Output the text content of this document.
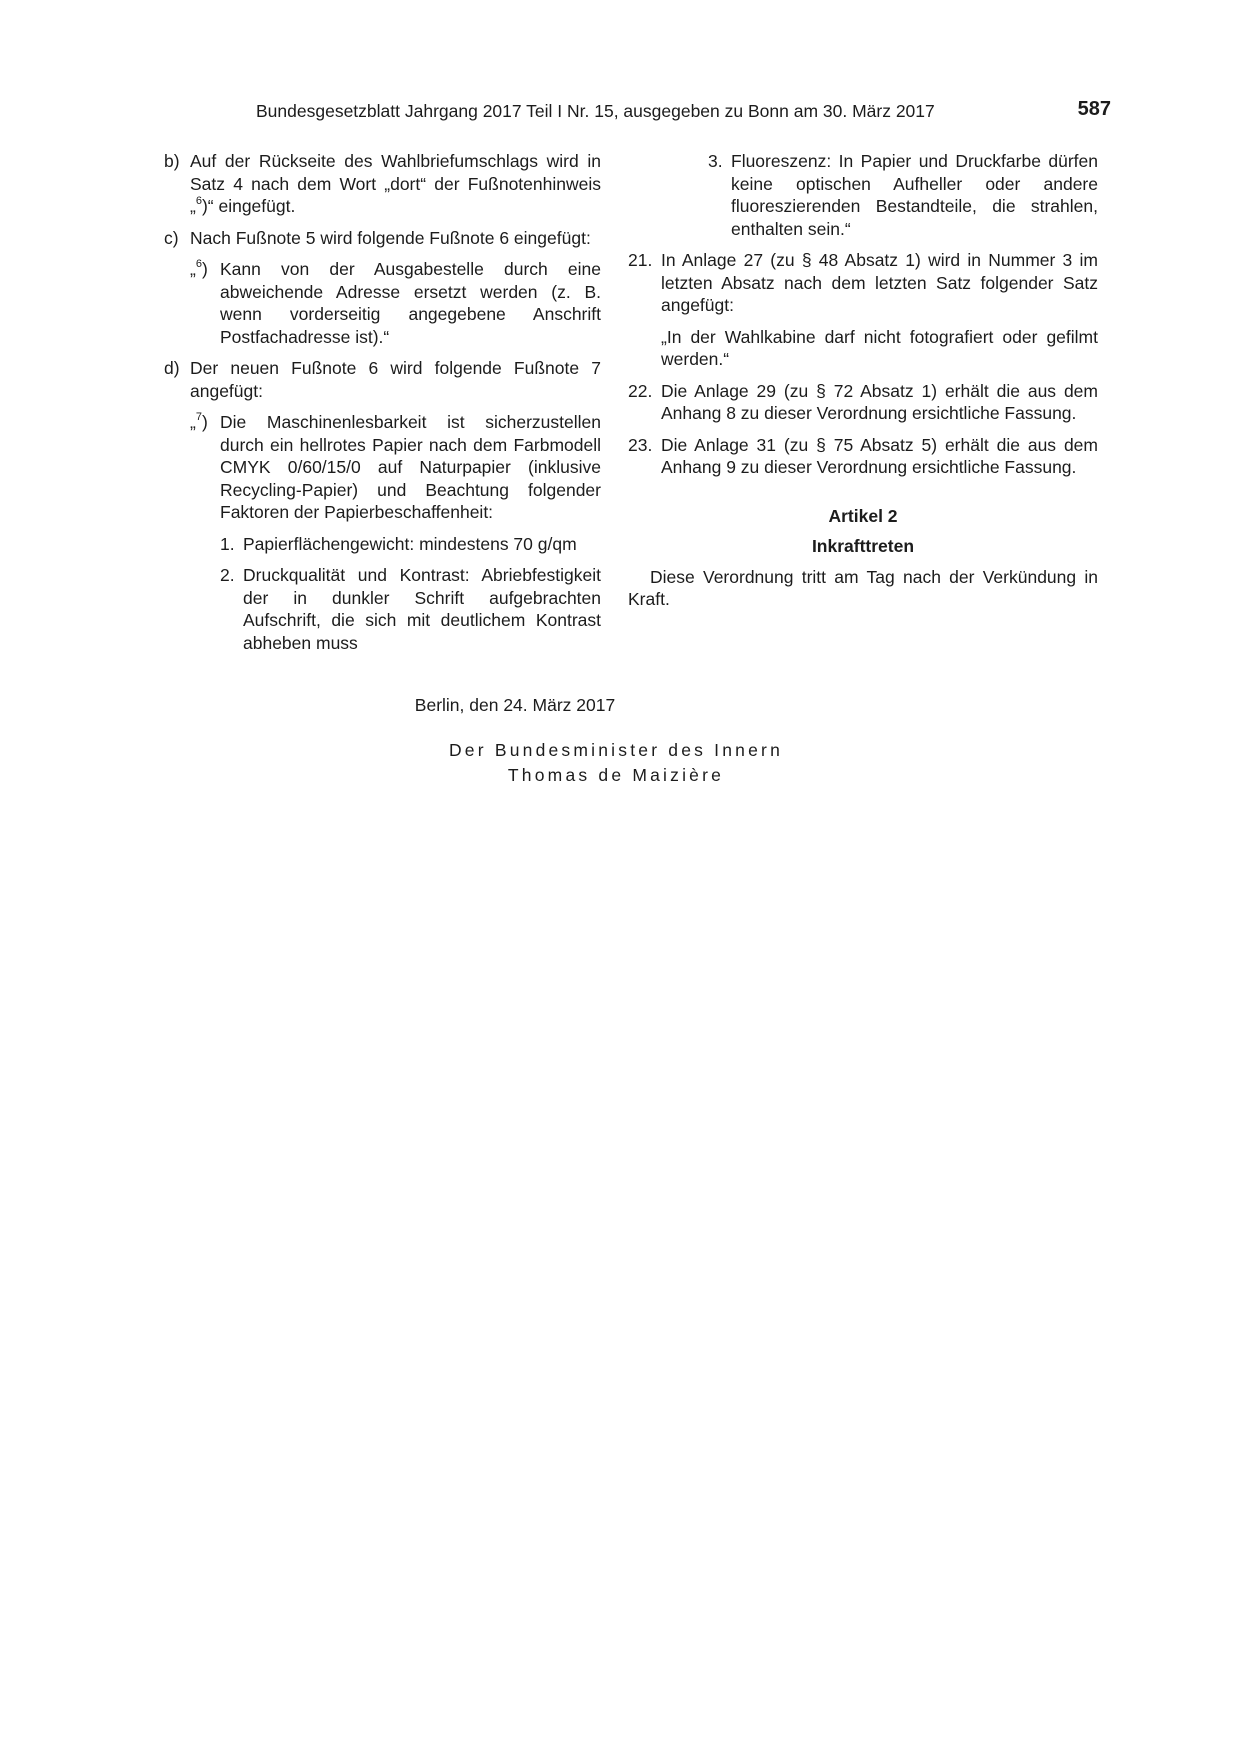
Bundesgesetzblatt Jahrgang 2017 Teil I Nr. 15, ausgegeben zu Bonn am 30. März 2017	587
b) Auf der Rückseite des Wahlbriefumschlags wird in Satz 4 nach dem Wort „dort“ der Fußnotenhinweis „$^6$)“ eingefügt.
c) Nach Fußnote 5 wird folgende Fußnote 6 eingefügt:
„$^6$) Kann von der Ausgabestelle durch eine abweichende Adresse ersetzt werden (z. B. wenn vorderseitig angegebene Anschrift Postfachadresse ist).“
d) Der neuen Fußnote 6 wird folgende Fußnote 7 angefügt:
„$^7$) Die Maschinenlesbarkeit ist sicherzustellen durch ein hellrotes Papier nach dem Farbmodell CMYK 0/60/15/0 auf Naturpapier (inklusive Recycling-Papier) und Beachtung folgender Faktoren der Papierbeschaffenheit:
1. Papierflächengewicht: mindestens 70 g/qm
2. Druckqualität und Kontrast: Abriebfestigkeit der in dunkler Schrift aufgebrachten Aufschrift, die sich mit deutlichem Kontrast abheben muss
3. Fluoreszenz: In Papier und Druckfarbe dürfen keine optischen Aufheller oder andere fluoreszierenden Bestandteile, die strahlen, enthalten sein.“
21. In Anlage 27 (zu § 48 Absatz 1) wird in Nummer 3 im letzten Absatz nach dem letzten Satz folgender Satz angefügt:
„In der Wahlkabine darf nicht fotografiert oder gefilmt werden.“
22. Die Anlage 29 (zu § 72 Absatz 1) erhält die aus dem Anhang 8 zu dieser Verordnung ersichtliche Fassung.
23. Die Anlage 31 (zu § 75 Absatz 5) erhält die aus dem Anhang 9 zu dieser Verordnung ersichtliche Fassung.
Artikel 2
Inkrafttreten

Diese Verordnung tritt am Tag nach der Verkündung in Kraft.

Berlin, den 24. März 2017
Der Bundesminister des Innern
Thomas de Maizière
